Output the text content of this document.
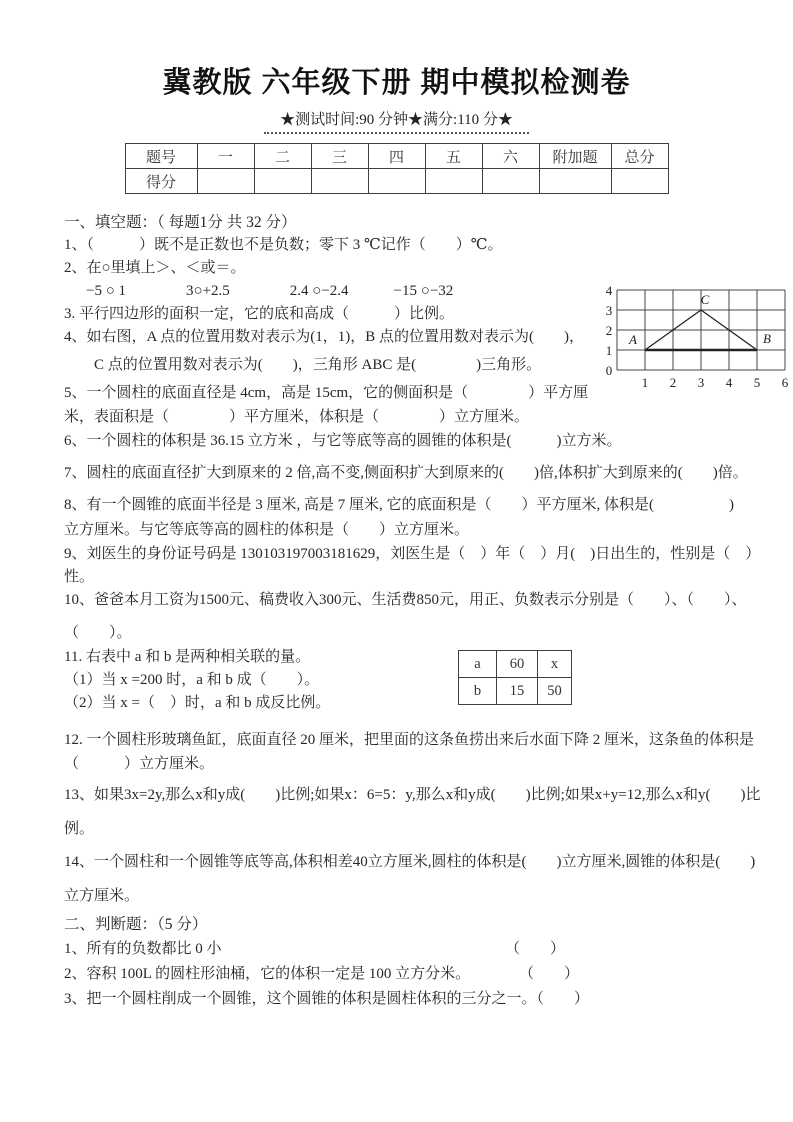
冀教版 六年级下册 期中模拟检测卷
★测试时间:90 分钟★满分:110 分★
题号	一	二	三	四	五	六	附加题	总分
得分								

一、填空题：（ 每题1分 共 32 分）

1、（　　　）既不是正数也不是负数；零下 3 ℃记作（　　）℃。

2、在○里填上＞、＜或＝。

−5 ○ 1　　　　3○+2.5　　　　2.4 ○−2.4　　　−15 ○−32

3. 平行四边形的面积一定，它的底和高成（　　　）比例。

4、如右图，A 点的位置用数对表示为(1，1)，B 点的位置用数对表示为(　　)，

C 点的位置用数对表示为(　　)，三角形 ABC 是(　　　　)三角形。

4
3
2
1
0
1 2 3 4 5 6
A	B
C

5、一个圆柱的底面直径是 4cm，高是 15cm，它的侧面积是（　　　　）平方厘

米，表面积是（　　　　）平方厘米，体积是（　　　　）立方厘米。

6、一个圆柱的体积是 36.15 立方米 ，与它等底等高的圆锥的体积是(　　　)立方米。

7、圆柱的底面直径扩大到原来的 2 倍,高不变,侧面积扩大到原来的(　　)倍,体积扩大到原来的(　　)倍。

8、有一个圆锥的底面半径是 3 厘米, 高是 7 厘米, 它的底面积是（　　）平方厘米, 体积是(　　　　　)

立方厘米。与它等底等高的圆柱的体积是（　　）立方厘米。

9、刘医生的身份证号码是 130103197003181629，刘医生是（　）年（　）月(　)日出生的，性别是（　）

性。

10、爸爸本月工资为1500元、稿费收入300元、生活费850元，用正、负数表示分别是（　　）、（　　）、

（　　）。

11. 右表中 a 和 b 是两种相关联的量。

（1）当 x =200 时，a 和 b 成（　　）。

（2）当 x =（　）时，a 和 b 成反比例。

a	60	x
b	15	50

12. 一个圆柱形玻璃鱼缸，底面直径 20 厘米，把里面的这条鱼捞出来后水面下降 2 厘米，这条鱼的体积是

（　　　）立方厘米。

13、如果3x=2y,那么x和y成(　　)比例;如果x：6=5：y,那么x和y成(　　)比例;如果x+y=12,那么x和y(　　)比

例。

14、一个圆柱和一个圆锥等底等高,体积相差40立方厘米,圆柱的体积是(　　)立方厘米,圆锥的体积是(　　)

立方厘米。

二、判断题：（5 分）

1、所有的负数都比 0 小	（　　）

2、容积 100L 的圆柱形油桶，它的体积一定是 100 立方分米。	（　　）

3、把一个圆柱削成一个圆锥，这个圆锥的体积是圆柱体积的三分之一。（　　）
